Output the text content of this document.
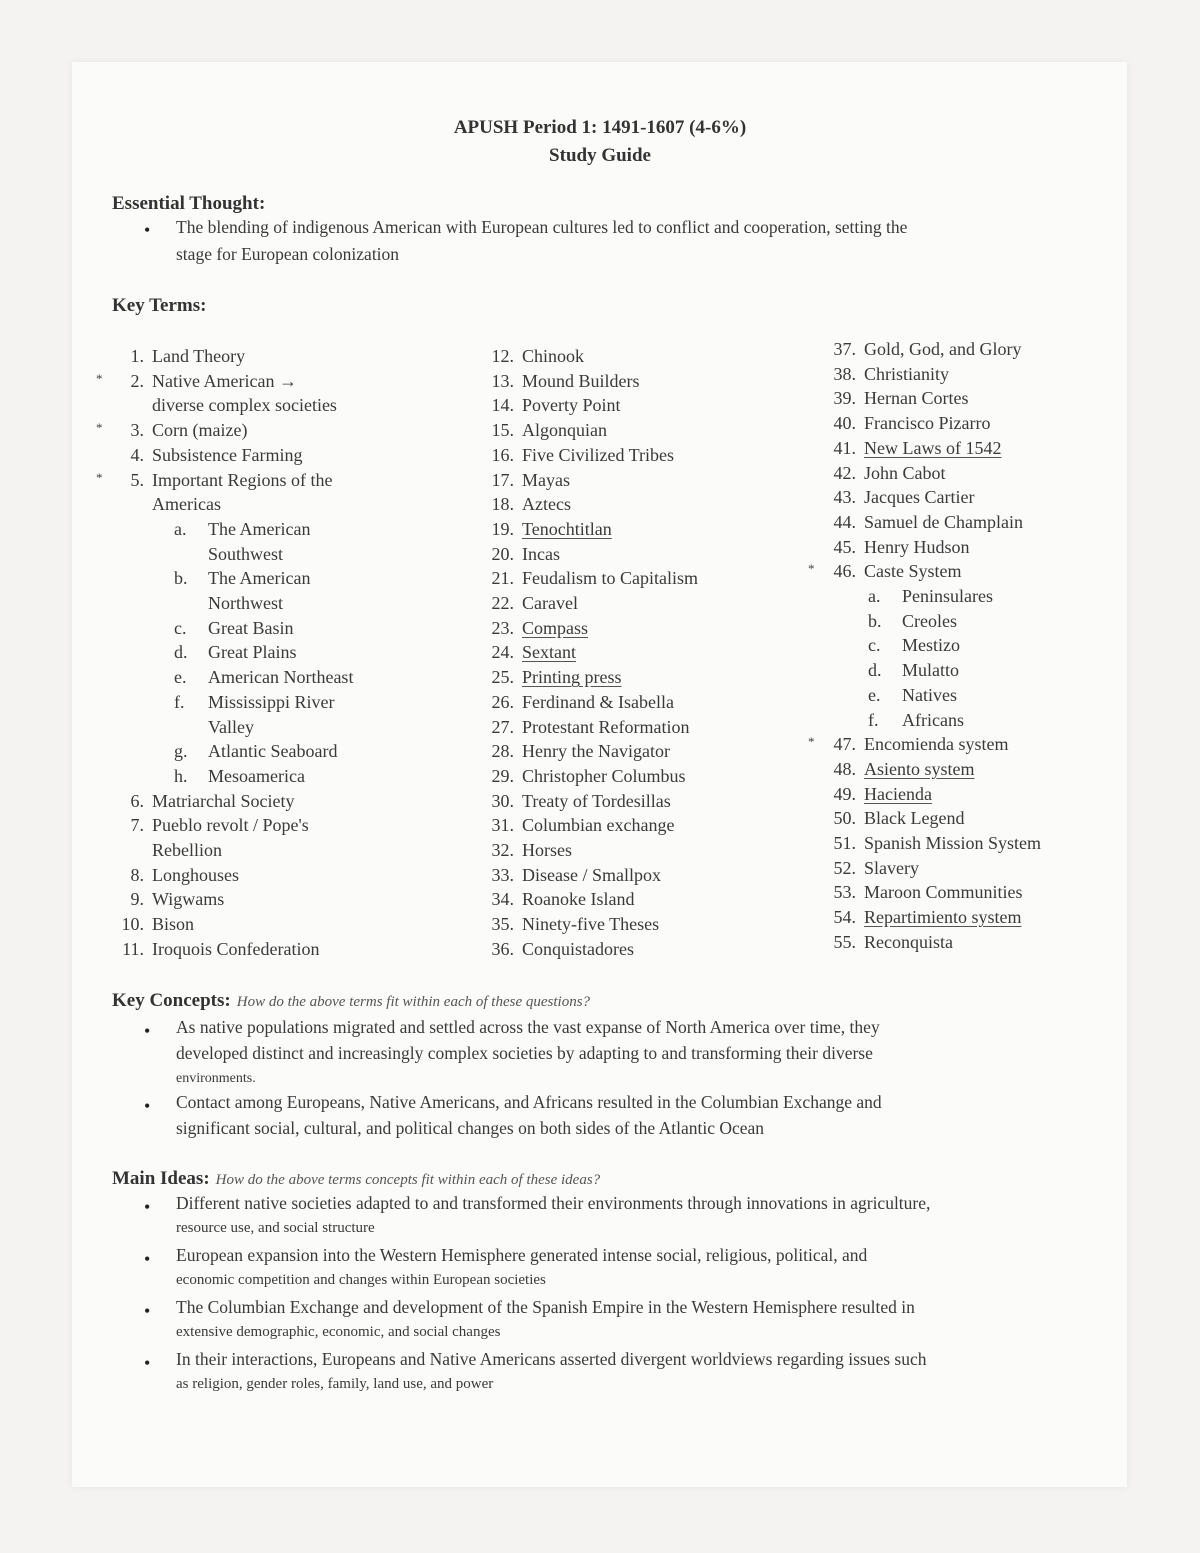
APUSH Period 1: 1491-1607 (4-6%)
Study Guide
Essential Thought:
• The blending of indigenous American with European cultures led to conflict and cooperation, setting the
stage for European colonization
Key Terms:
1. Land Theory
* 2. Native American →
diverse complex societies
* 3. Corn (maize)
4. Subsistence Farming
* 5. Important Regions of the
Americas
a. The American
Southwest
b. The American
Northwest
c. Great Basin
d. Great Plains
e. American Northeast
f. Mississippi River
Valley
g. Atlantic Seaboard
h. Mesoamerica
6. Matriarchal Society
7. Pueblo revolt / Pope's
Rebellion
8. Longhouses
9. Wigwams
10. Bison
11. Iroquois Confederation
12. Chinook
13. Mound Builders
14. Poverty Point
15. Algonquian
16. Five Civilized Tribes
17. Mayas
18. Aztecs
19. Tenochtitlan
20. Incas
21. Feudalism to Capitalism
22. Caravel
23. Compass
24. Sextant
25. Printing press
26. Ferdinand & Isabella
27. Protestant Reformation
28. Henry the Navigator
29. Christopher Columbus
30. Treaty of Tordesillas
31. Columbian exchange
32. Horses
33. Disease / Smallpox
34. Roanoke Island
35. Ninety-five Theses
36. Conquistadores
37. Gold, God, and Glory
38. Christianity
39. Hernan Cortes
40. Francisco Pizarro
41. New Laws of 1542
42. John Cabot
43. Jacques Cartier
44. Samuel de Champlain
45. Henry Hudson
* 46. Caste System
a. Peninsulares
b. Creoles
c. Mestizo
d. Mulatto
e. Natives
f. Africans
* 47. Encomienda system
48. Asiento system
49. Hacienda
50. Black Legend
51. Spanish Mission System
52. Slavery
53. Maroon Communities
54. Repartimiento system
55. Reconquista
Key Concepts: How do the above terms fit within each of these questions?
• As native populations migrated and settled across the vast expanse of North America over time, they
developed distinct and increasingly complex societies by adapting to and transforming their diverse
environments.
• Contact among Europeans, Native Americans, and Africans resulted in the Columbian Exchange and
significant social, cultural, and political changes on both sides of the Atlantic Ocean
Main Ideas: How do the above terms concepts fit within each of these ideas?
• Different native societies adapted to and transformed their environments through innovations in agriculture,
resource use, and social structure
• European expansion into the Western Hemisphere generated intense social, religious, political, and
economic competition and changes within European societies
• The Columbian Exchange and development of the Spanish Empire in the Western Hemisphere resulted in
extensive demographic, economic, and social changes
• In their interactions, Europeans and Native Americans asserted divergent worldviews regarding issues such
as religion, gender roles, family, land use, and power
